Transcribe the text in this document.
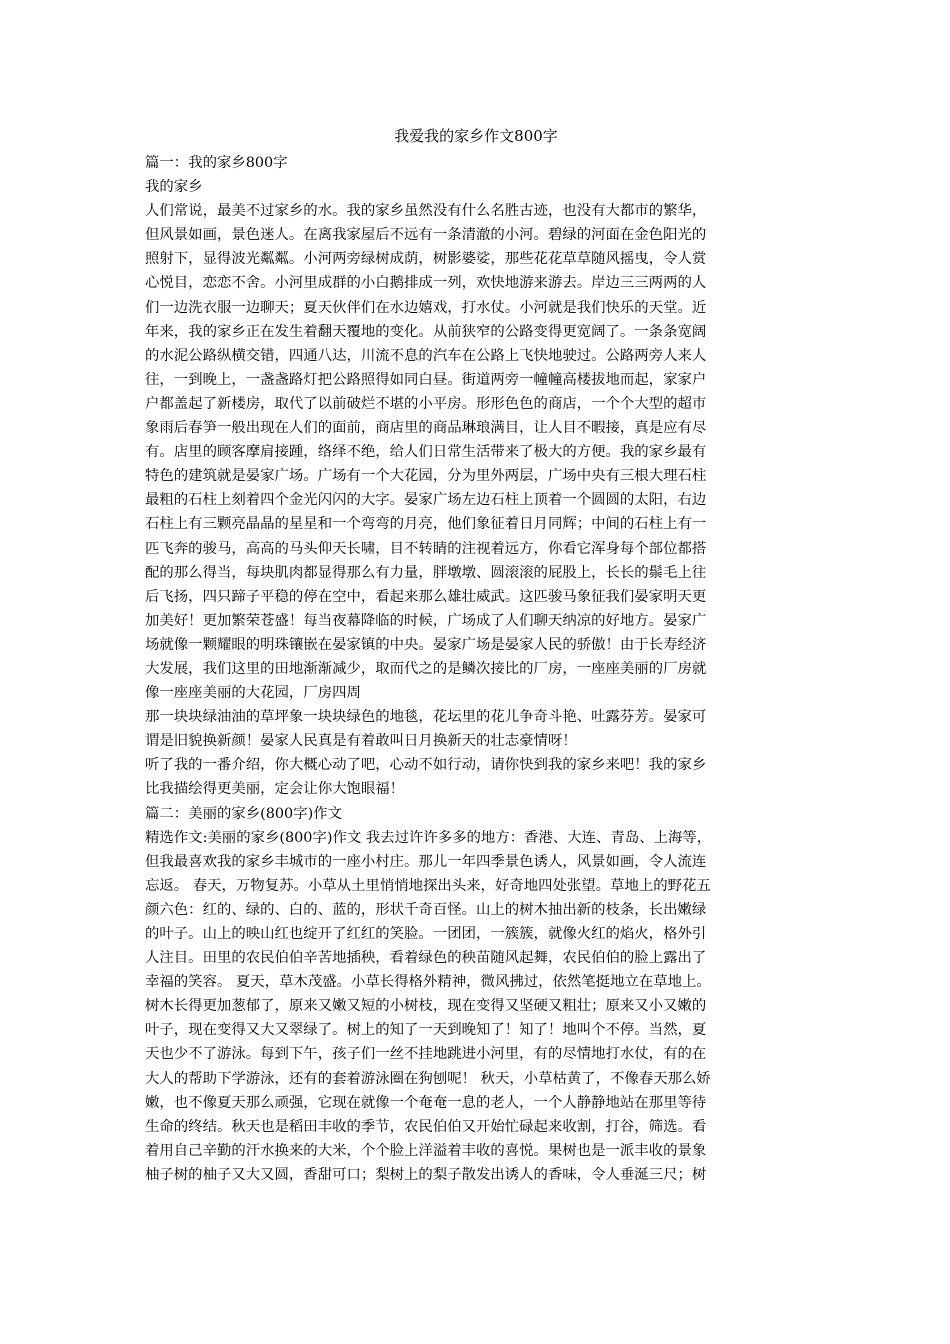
我爱我的家乡作文800字
篇一：我的家乡800字
我的家乡
人们常说，最美不过家乡的水。我的家乡虽然没有什么名胜古迹，也没有大都市的繁华，
但风景如画，景色迷人。在离我家屋后不远有一条清澈的小河。碧绿的河面在金色阳光的
照射下，显得波光粼粼。小河两旁绿树成荫，树影婆娑，那些花花草草随风摇曳，令人赏
心悦目，恋恋不舍。小河里成群的小白鹅排成一列，欢快地游来游去。岸边三三两两的人
们一边洗衣服一边聊天；夏天伙伴们在水边嬉戏，打水仗。小河就是我们快乐的天堂。近
年来，我的家乡正在发生着翻天覆地的变化。从前狭窄的公路变得更宽阔了。一条条宽阔
的水泥公路纵横交错，四通八达，川流不息的汽车在公路上飞快地驶过。公路两旁人来人
往，一到晚上，一盏盏路灯把公路照得如同白昼。街道两旁一幢幢高楼拔地而起，家家户
户都盖起了新楼房，取代了以前破烂不堪的小平房。形形色色的商店，一个个大型的超市
象雨后春笋一般出现在人们的面前，商店里的商品琳琅满目，让人目不暇接，真是应有尽
有。店里的顾客摩肩接踵，络绎不绝，给人们日常生活带来了极大的方便。我的家乡最有
特色的建筑就是晏家广场。广场有一个大花园，分为里外两层，广场中央有三根大理石柱
最粗的石柱上刻着四个金光闪闪的大字。晏家广场左边石柱上顶着一个圆圆的太阳，右边
石柱上有三颗亮晶晶的星星和一个弯弯的月亮，他们象征着日月同辉；中间的石柱上有一
匹飞奔的骏马，高高的马头仰天长啸，目不转睛的注视着远方，你看它浑身每个部位都搭
配的那么得当，每块肌肉都显得那么有力量，胖墩墩、圆滚滚的屁股上，长长的鬃毛上往
后飞扬，四只蹄子平稳的停在空中，看起来那么雄壮威武。这匹骏马象征我们晏家明天更
加美好！更加繁荣苍盛！每当夜幕降临的时候，广场成了人们聊天纳凉的好地方。晏家广
场就像一颗耀眼的明珠镶嵌在晏家镇的中央。晏家广场是晏家人民的骄傲！由于长寿经济
大发展，我们这里的田地渐渐减少，取而代之的是鳞次接比的厂房，一座座美丽的厂房就
像一座座美丽的大花园，厂房四周
那一块块绿油油的草坪象一块块绿色的地毯，花坛里的花儿争奇斗艳、吐露芬芳。晏家可
谓是旧貌换新颜！晏家人民真是有着敢叫日月换新天的壮志豪情呀！
听了我的一番介绍，你大概心动了吧，心动不如行动，请你快到我的家乡来吧！我的家乡
比我描绘得更美丽，定会让你大饱眼福！
篇二：美丽的家乡(800字)作文
精选作文:美丽的家乡(800字)作文 我去过许许多多的地方：香港、大连、青岛、上海等，
但我最喜欢我的家乡丰城市的一座小村庄。那儿一年四季景色诱人，风景如画，令人流连
忘返。 春天，万物复苏。小草从土里悄悄地探出头来，好奇地四处张望。草地上的野花五
颜六色：红的、绿的、白的、蓝的，形状千奇百怪。山上的树木抽出新的枝条，长出嫩绿
的叶子。山上的映山红也绽开了红红的笑脸。一团团，一簇簇，就像火红的焰火，格外引
人注目。田里的农民伯伯辛苦地插秧，看着绿色的秧苗随风起舞，农民伯伯的脸上露出了
幸福的笑容。 夏天，草木茂盛。小草长得格外精神，微风拂过，依然笔挺地立在草地上。
树木长得更加葱郁了，原来又嫩又短的小树枝，现在变得又坚硬又粗壮；原来又小又嫩的
叶子，现在变得又大又翠绿了。树上的知了一天到晚知了！知了！地叫个不停。当然，夏
天也少不了游泳。每到下午，孩子们一丝不挂地跳进小河里，有的尽情地打水仗，有的在
大人的帮助下学游泳，还有的套着游泳圈在狗刨呢！ 秋天，小草枯黄了，不像春天那么娇
嫩，也不像夏天那么顽强，它现在就像一个奄奄一息的老人，一个人静静地站在那里等待
生命的终结。秋天也是稻田丰收的季节，农民伯伯又开始忙碌起来收割，打谷，筛选。看
着用自己辛勤的汗水换来的大米，个个脸上洋溢着丰收的喜悦。果树也是一派丰收的景象
柚子树的柚子又大又圆，香甜可口；梨树上的梨子散发出诱人的香味，令人垂涎三尺；树
